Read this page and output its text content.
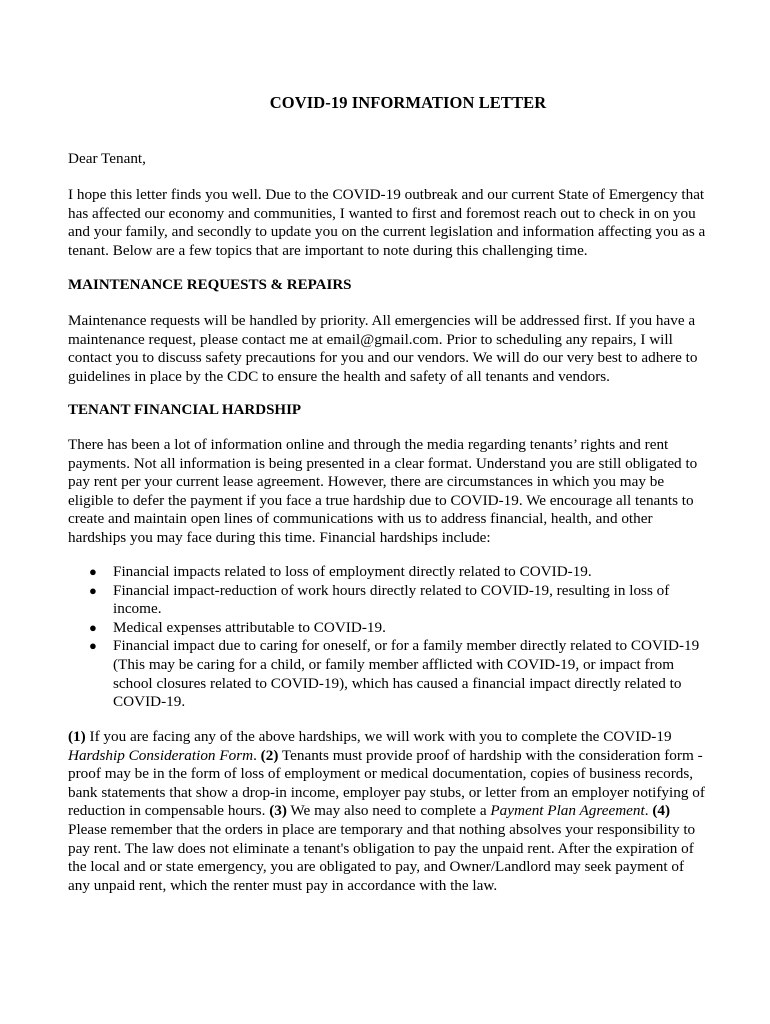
COVID-19 INFORMATION LETTER

Dear Tenant,

I hope this letter finds you well. Due to the COVID-19 outbreak and our current State of Emergency that has affected our economy and communities, I wanted to first and foremost reach out to check in on you and your family, and secondly to update you on the current legislation and information affecting you as a tenant. Below are a few topics that are important to note during this challenging time.

MAINTENANCE REQUESTS & REPAIRS

Maintenance requests will be handled by priority. All emergencies will be addressed first. If you have a maintenance request, please contact me at email@gmail.com. Prior to scheduling any repairs, I will contact you to discuss safety precautions for you and our vendors. We will do our very best to adhere to guidelines in place by the CDC to ensure the health and safety of all tenants and vendors.

TENANT FINANCIAL HARDSHIP

There has been a lot of information online and through the media regarding tenants’ rights and rent payments. Not all information is being presented in a clear format. Understand you are still obligated to pay rent per your current lease agreement. However, there are circumstances in which you may be eligible to defer the payment if you face a true hardship due to COVID-19. We encourage all tenants to create and maintain open lines of communications with us to address financial, health, and other hardships you may face during this time. Financial hardships include:

● Financial impacts related to loss of employment directly related to COVID-19.
● Financial impact-reduction of work hours directly related to COVID-19, resulting in loss of income.
● Medical expenses attributable to COVID-19.
● Financial impact due to caring for oneself, or for a family member directly related to COVID-19 (This may be caring for a child, or family member afflicted with COVID-19, or impact from school closures related to COVID-19), which has caused a financial impact directly related to COVID-19.

(1) If you are facing any of the above hardships, we will work with you to complete the COVID-19 Hardship Consideration Form. (2) Tenants must provide proof of hardship with the consideration form - proof may be in the form of loss of employment or medical documentation, copies of business records, bank statements that show a drop-in income, employer pay stubs, or letter from an employer notifying of reduction in compensable hours. (3) We may also need to complete a Payment Plan Agreement. (4) Please remember that the orders in place are temporary and that nothing absolves your responsibility to pay rent. The law does not eliminate a tenant's obligation to pay the unpaid rent. After the expiration of the local and or state emergency, you are obligated to pay, and Owner/Landlord may seek payment of any unpaid rent, which the renter must pay in accordance with the law.
